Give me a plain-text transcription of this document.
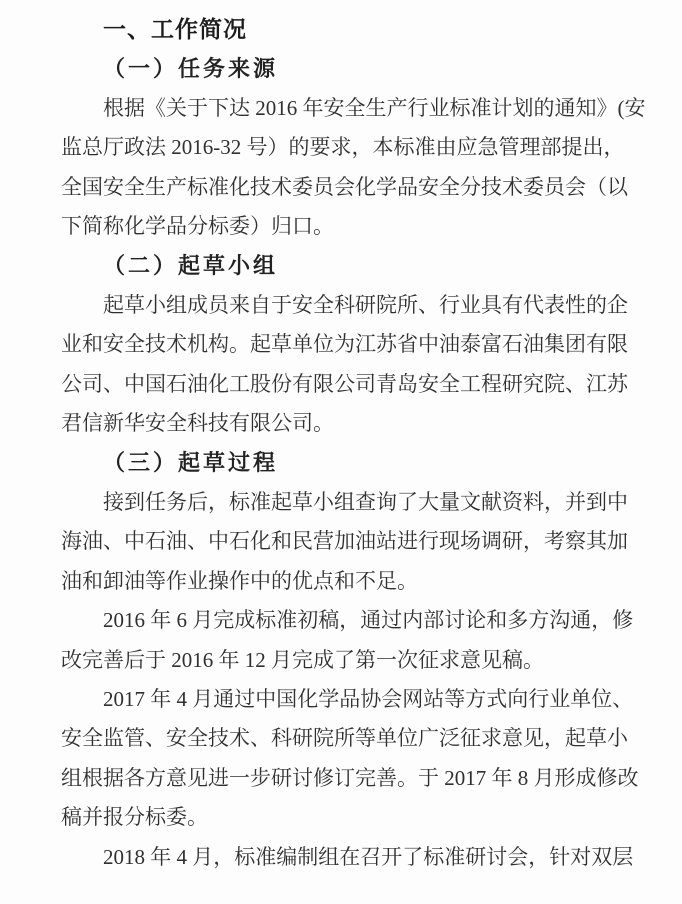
一、工作简况
（一）任务来源
根据《关于下达 2016 年安全生产行业标准计划的通知》(安
监总厅政法 2016-32 号）的要求，本标准由应急管理部提出，
全国安全生产标准化技术委员会化学品安全分技术委员会（以
下简称化学品分标委）归口。
（二）起草小组
起草小组成员来自于安全科研院所、行业具有代表性的企
业和安全技术机构。起草单位为江苏省中油泰富石油集团有限
公司、中国石油化工股份有限公司青岛安全工程研究院、江苏
君信新华安全科技有限公司。
（三）起草过程
接到任务后，标准起草小组查询了大量文献资料，并到中
海油、中石油、中石化和民营加油站进行现场调研，考察其加
油和卸油等作业操作中的优点和不足。
2016 年 6 月完成标准初稿，通过内部讨论和多方沟通，修
改完善后于 2016 年 12 月完成了第一次征求意见稿。
2017 年 4 月通过中国化学品协会网站等方式向行业单位、
安全监管、安全技术、科研院所等单位广泛征求意见，起草小
组根据各方意见进一步研讨修订完善。于 2017 年 8 月形成修改
稿并报分标委。
2018 年 4 月，标准编制组在召开了标准研讨会，针对双层
